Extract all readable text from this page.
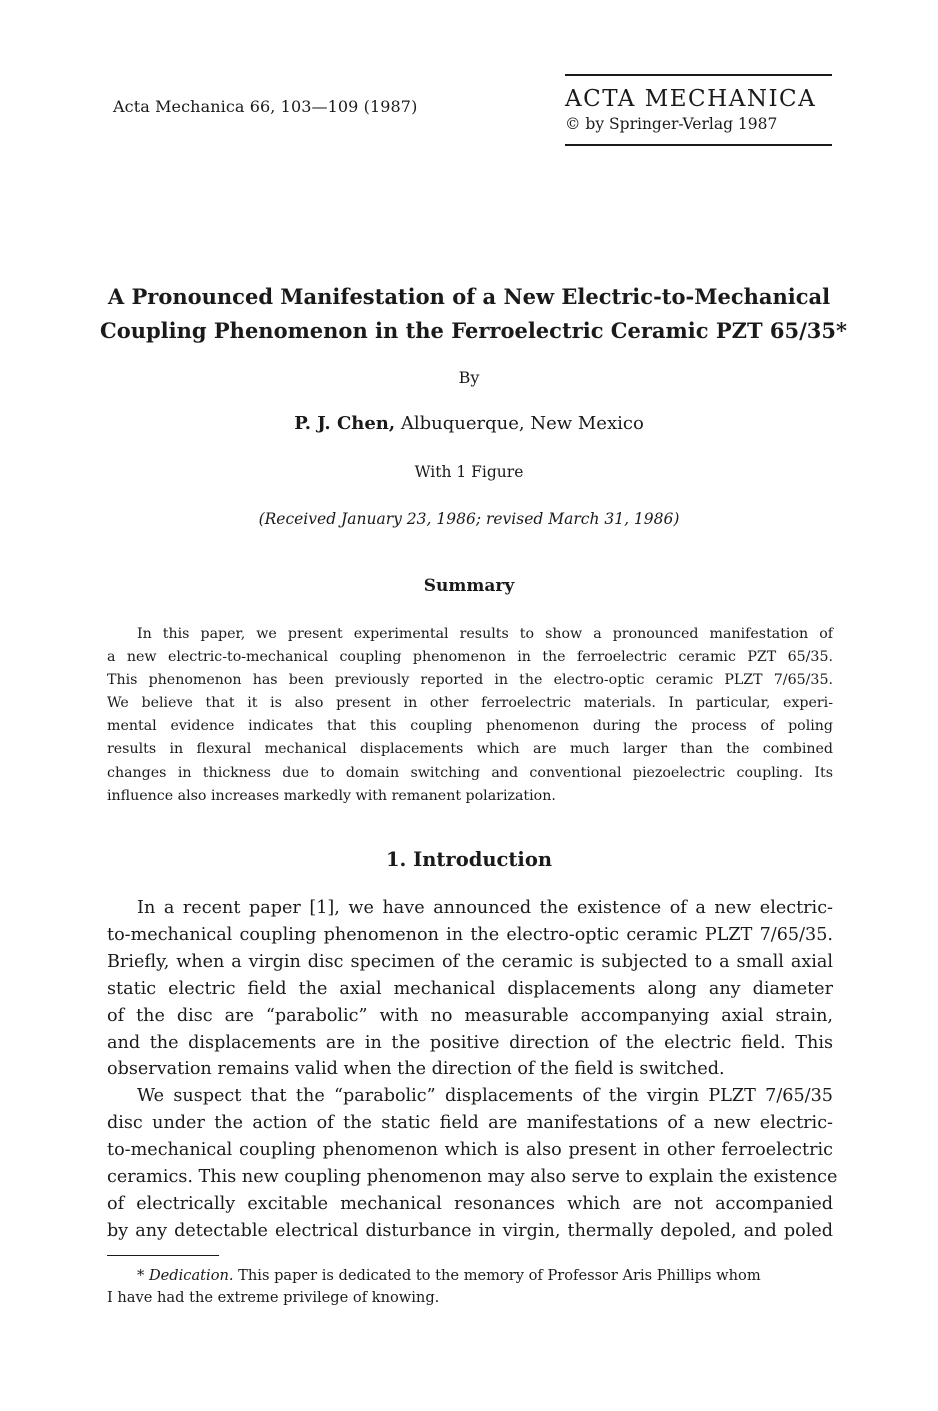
Acta Mechanica 66, 103—109 (1987)	ACTA MECHANICA
© by Springer-Verlag 1987
A Pronounced Manifestation of a New Electric-to-Mechanical
Coupling Phenomenon in the Ferroelectric Ceramic PZT 65/35*
By
P. J. Chen, Albuquerque, New Mexico
With 1 Figure
(Received January 23, 1986; revised March 31, 1986)
Summary
In this paper, we present experimental results to show a pronounced manifestation of
a new electric-to-mechanical coupling phenomenon in the ferroelectric ceramic PZT 65/35.
This phenomenon has been previously reported in the electro-optic ceramic PLZT 7/65/35.
We believe that it is also present in other ferroelectric materials. In particular, experi-
mental evidence indicates that this coupling phenomenon during the process of poling
results in flexural mechanical displacements which are much larger than the combined
changes in thickness due to domain switching and conventional piezoelectric coupling. Its
influence also increases markedly with remanent polarization.
1. Introduction
In a recent paper [1], we have announced the existence of a new electric-
to-mechanical coupling phenomenon in the electro-optic ceramic PLZT 7/65/35.
Briefly, when a virgin disc specimen of the ceramic is subjected to a small axial
static electric field the axial mechanical displacements along any diameter
of the disc are “parabolic” with no measurable accompanying axial strain,
and the displacements are in the positive direction of the electric field. This
observation remains valid when the direction of the field is switched.
We suspect that the “parabolic” displacements of the virgin PLZT 7/65/35
disc under the action of the static field are manifestations of a new electric-
to-mechanical coupling phenomenon which is also present in other ferroelectric
ceramics. This new coupling phenomenon may also serve to explain the existence
of electrically excitable mechanical resonances which are not accompanied
by any detectable electrical disturbance in virgin, thermally depoled, and poled
* Dedication. This paper is dedicated to the memory of Professor Aris Phillips whom
I have had the extreme privilege of knowing.
